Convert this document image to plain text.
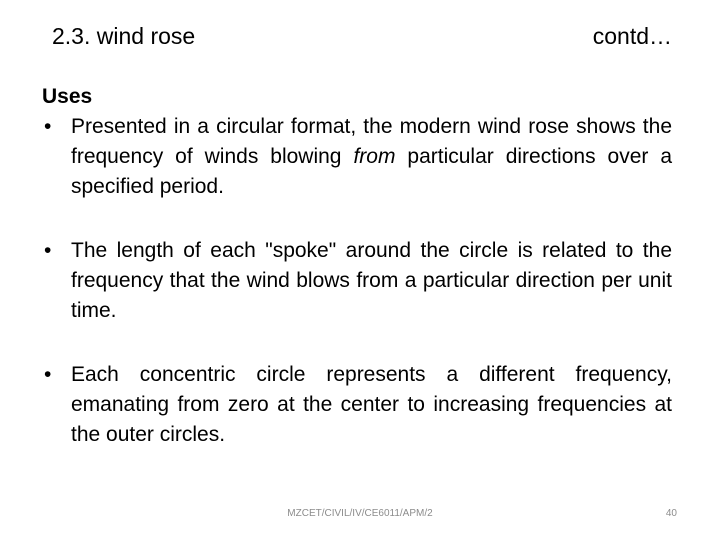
2.3. wind rose	contd…

Uses

• Presented in a circular format, the modern wind rose shows the frequency of winds blowing from particular directions over a specified period.
• The length of each "spoke" around the circle is related to the frequency that the wind blows from a particular direction per unit time.
• Each concentric circle represents a different frequency, emanating from zero at the center to increasing frequencies at the outer circles.
MZCET/CIVIL/IV/CE6011/APM/2	40
